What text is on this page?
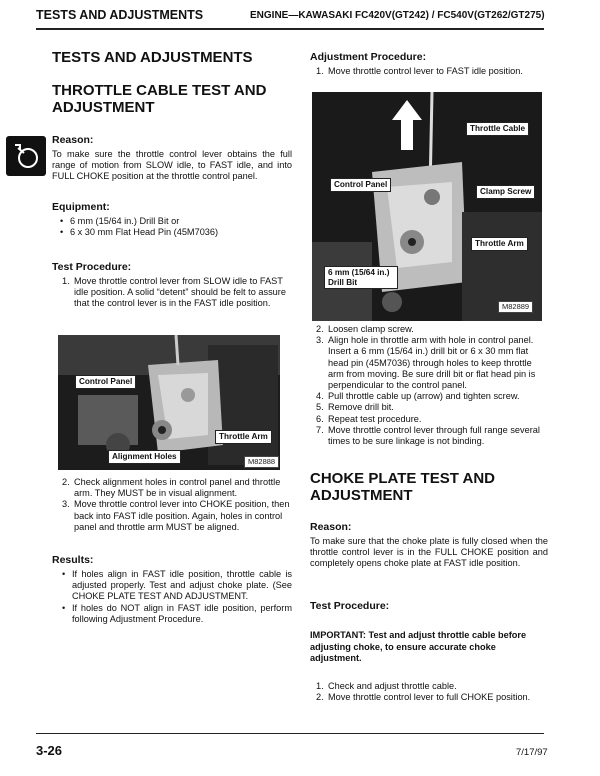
TESTS AND ADJUSTMENTS	ENGINE—KAWASAKI FC420V(GT242) / FC540V(GT262/GT275)
TESTS AND ADJUSTMENTS
THROTTLE CABLE TEST AND ADJUSTMENT
Reason:
To make sure the throttle control lever obtains the full range of motion from SLOW idle, to FAST idle, and into FULL CHOKE position at the throttle control panel.
Equipment:
• 6 mm (15/64 in.) Drill Bit or
• 6 x 30 mm Flat Head Pin (45M7036)
Test Procedure:
1. Move throttle control lever from SLOW idle to FAST idle position. A solid “detent” should be felt to assure that the control lever is in the FAST idle position.
Control Panel
Throttle Arm
Alignment Holes
M82888
2. Check alignment holes in control panel and throttle arm. They MUST be in visual alignment.
3. Move throttle control lever into CHOKE position, then back into FAST idle position. Again, holes in control panel and throttle arm MUST be aligned.
Results:
• If holes align in FAST idle position, throttle cable is adjusted properly. Test and adjust choke plate. (See CHOKE PLATE TEST AND ADJUSTMENT.
• If holes do NOT align in FAST idle position, perform following Adjustment Procedure.
Adjustment Procedure:
1. Move throttle control lever to FAST idle position.
Throttle Cable
Control Panel
Clamp Screw
Throttle Arm
6 mm (15/64 in.) Drill Bit
M82889
2. Loosen clamp screw.
3. Align hole in throttle arm with hole in control panel. Insert a 6 mm (15/64 in.) drill bit or 6 x 30 mm flat head pin (45M7036) through holes to keep throttle arm from moving. Be sure drill bit or flat head pin is perpendicular to the control panel.
4. Pull throttle cable up (arrow) and tighten screw.
5. Remove drill bit.
6. Repeat test procedure.
7. Move throttle control lever through full range several times to be sure linkage is not binding.
CHOKE PLATE TEST AND ADJUSTMENT
Reason:
To make sure that the choke plate is fully closed when the throttle control lever is in the FULL CHOKE position and completely opens choke plate at FAST idle position.
Test Procedure:
IMPORTANT: Test and adjust throttle cable before adjusting choke, to ensure accurate choke adjustment.
1. Check and adjust throttle cable.
2. Move throttle control lever to full CHOKE position.
3-26	7/17/97
